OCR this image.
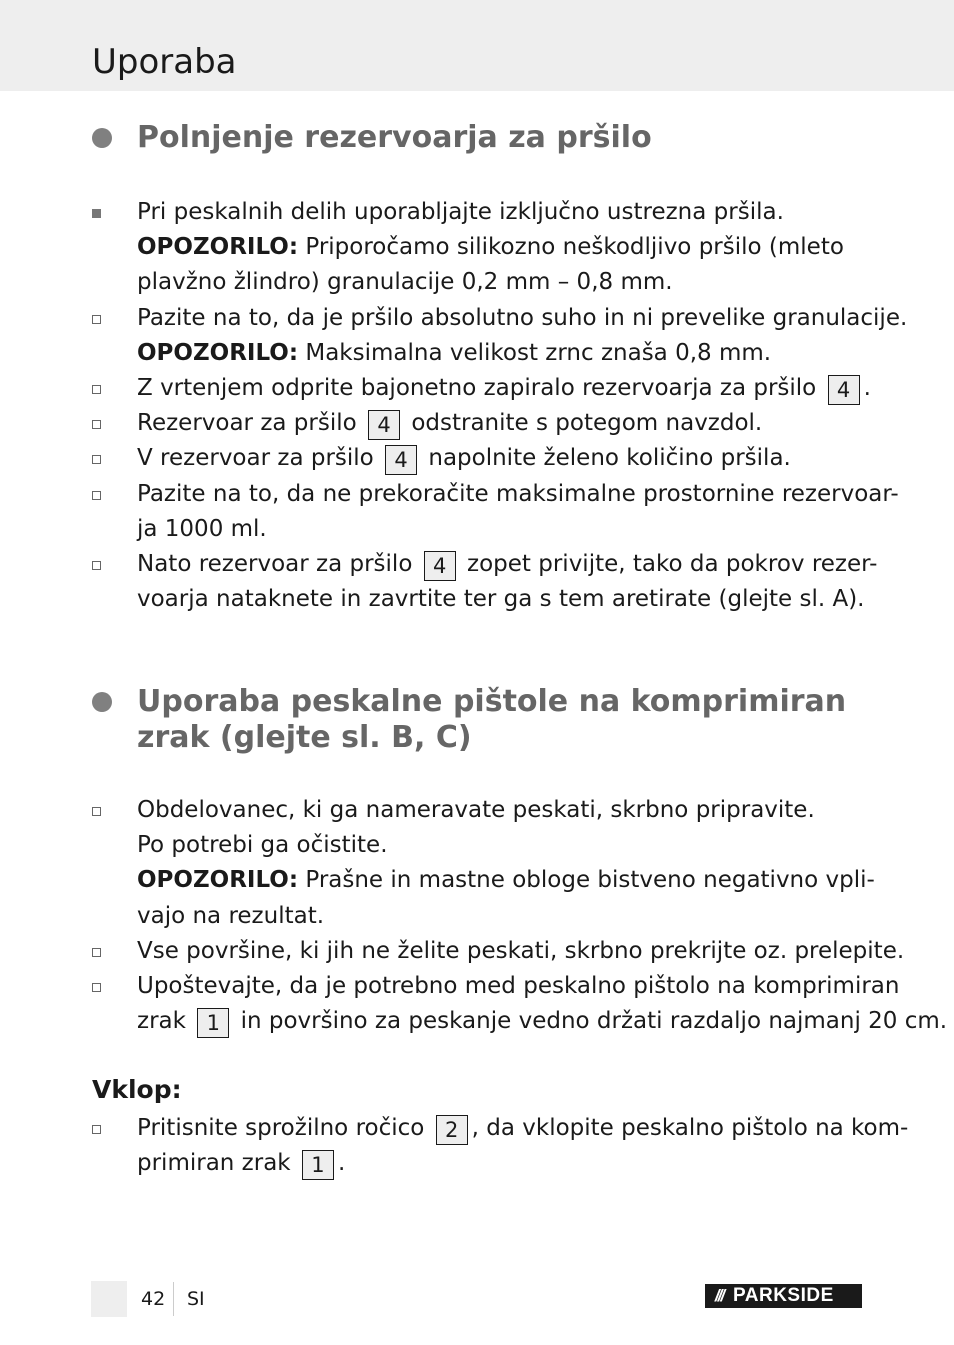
Uporaba
Polnjenje rezervoarja za pršilo
Pri peskalnih delih uporabljajte izključno ustrezna pršila.
OPOZORILO: Priporočamo silikozno neškodljivo pršilo (mleto
plavžno žlindro) granulacije 0,2 mm – 0,8 mm.
Pazite na to, da je pršilo absolutno suho in ni prevelike granulacije.
OPOZORILO: Maksimalna velikost zrnc znaša 0,8 mm.
Z vrtenjem odprite bajonetno zapiralo rezervoarja za pršilo 4 .
Rezervoar za pršilo 4 odstranite s potegom navzdol.
V rezervoar za pršilo 4 napolnite želeno količino pršila.
Pazite na to, da ne prekoračite maksimalne prostornine rezervoar-
ja 1000 ml.
Nato rezervoar za pršilo 4 zopet privijte, tako da pokrov rezer-
voarja nataknete in zavrtite ter ga s tem aretirate (glejte sl. A).
Uporaba peskalne pištole na komprimiran
zrak (glejte sl. B, C)
Obdelovanec, ki ga nameravate peskati, skrbno pripravite.
Po potrebi ga očistite.
OPOZORILO: Prašne in mastne obloge bistveno negativno vpli-
vajo na rezultat.
Vse površine, ki jih ne želite peskati, skrbno prekrijte oz. prelepite.
Upoštevajte, da je potrebno med peskalno pištolo na komprimiran
zrak 1 in površino za peskanje vedno držati razdaljo najmanj 20 cm.
Vklop:
Pritisnite sprožilno ročico 2 , da vklopite peskalno pištolo na kom-
primiran zrak 1 .
42 SI	/// PARKSIDE
